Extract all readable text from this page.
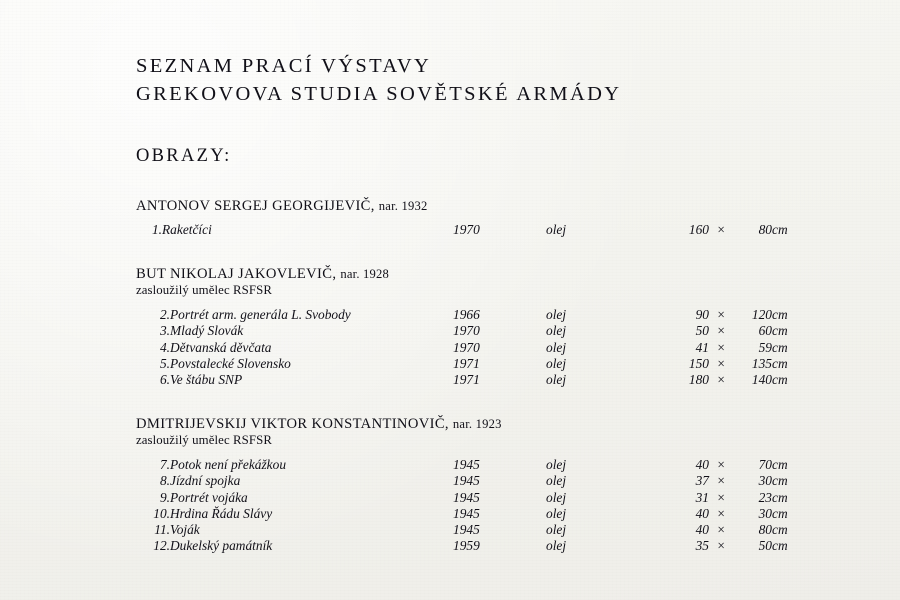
SEZNAM PRACÍ VÝSTAVY
GREKOVOVA STUDIA SOVĚTSKÉ ARMÁDY
OBRAZY:
ANTONOV SERGEJ GEORGIJEVIČ, nar. 1932
1.	Raketčíci	1970	olej	160	×	80	cm
BUT NIKOLAJ JAKOVLEVIČ, nar. 1928
zasloužilý umělec RSFSR
2.	Portrét arm. generála L. Svobody	1966	olej	90	×	120	cm
3.	Mladý Slovák	1970	olej	50	×	60	cm
4.	Dětvanská děvčata	1970	olej	41	×	59	cm
5.	Povstalecké Slovensko	1971	olej	150	×	135	cm
6.	Ve štábu SNP	1971	olej	180	×	140	cm
DMITRIJEVSKIJ VIKTOR KONSTANTINOVIČ, nar. 1923
zasloužilý umělec RSFSR
7.	Potok není překážkou	1945	olej	40	×	70	cm
8.	Jízdní spojka	1945	olej	37	×	30	cm
9.	Portrét vojáka	1945	olej	31	×	23	cm
10.	Hrdina Řádu Slávy	1945	olej	40	×	30	cm
11.	Voják	1945	olej	40	×	80	cm
12.	Dukelský památník	1959	olej	35	×	50	cm
